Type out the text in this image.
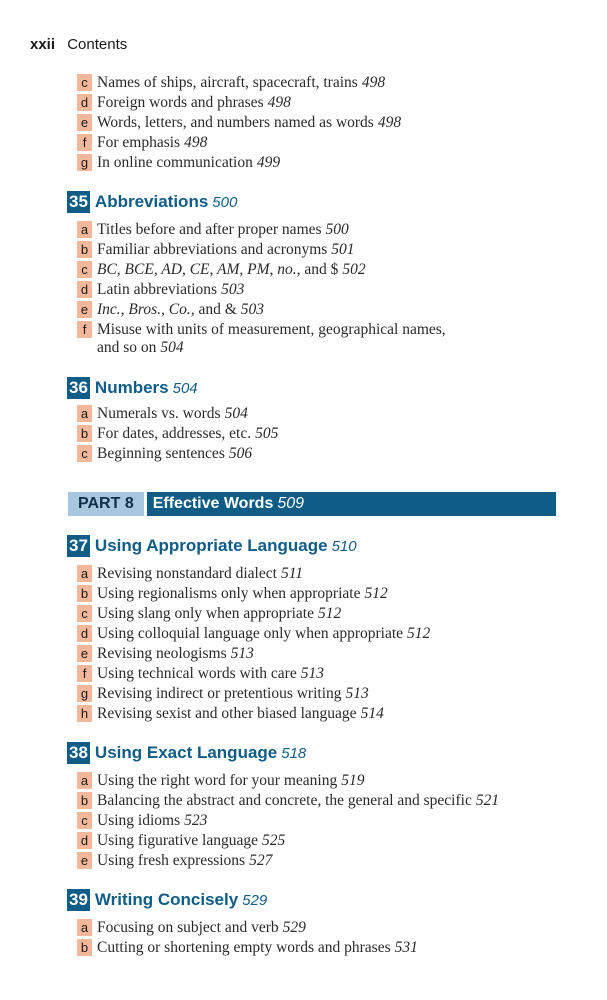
xxii Contents
c Names of ships, aircraft, spacecraft, trains 498
d Foreign words and phrases 498
e Words, letters, and numbers named as words 498
f For emphasis 498
g In online communication 499
35 Abbreviations 500
a Titles before and after proper names 500
b Familiar abbreviations and acronyms 501
c BC, BCE, AD, CE, AM, PM, no., and $ 502
d Latin abbreviations 503
e Inc., Bros., Co., and & 503
f Misuse with units of measurement, geographical names,
and so on 504
36 Numbers 504
a Numerals vs. words 504
b For dates, addresses, etc. 505
c Beginning sentences 506
PART 8	Effective Words 509
37 Using Appropriate Language 510
a Revising nonstandard dialect 511
b Using regionalisms only when appropriate 512
c Using slang only when appropriate 512
d Using colloquial language only when appropriate 512
e Revising neologisms 513
f Using technical words with care 513
g Revising indirect or pretentious writing 513
h Revising sexist and other biased language 514
38 Using Exact Language 518
a Using the right word for your meaning 519
b Balancing the abstract and concrete, the general and specific 521
c Using idioms 523
d Using figurative language 525
e Using fresh expressions 527
39 Writing Concisely 529
a Focusing on subject and verb 529
b Cutting or shortening empty words and phrases 531
